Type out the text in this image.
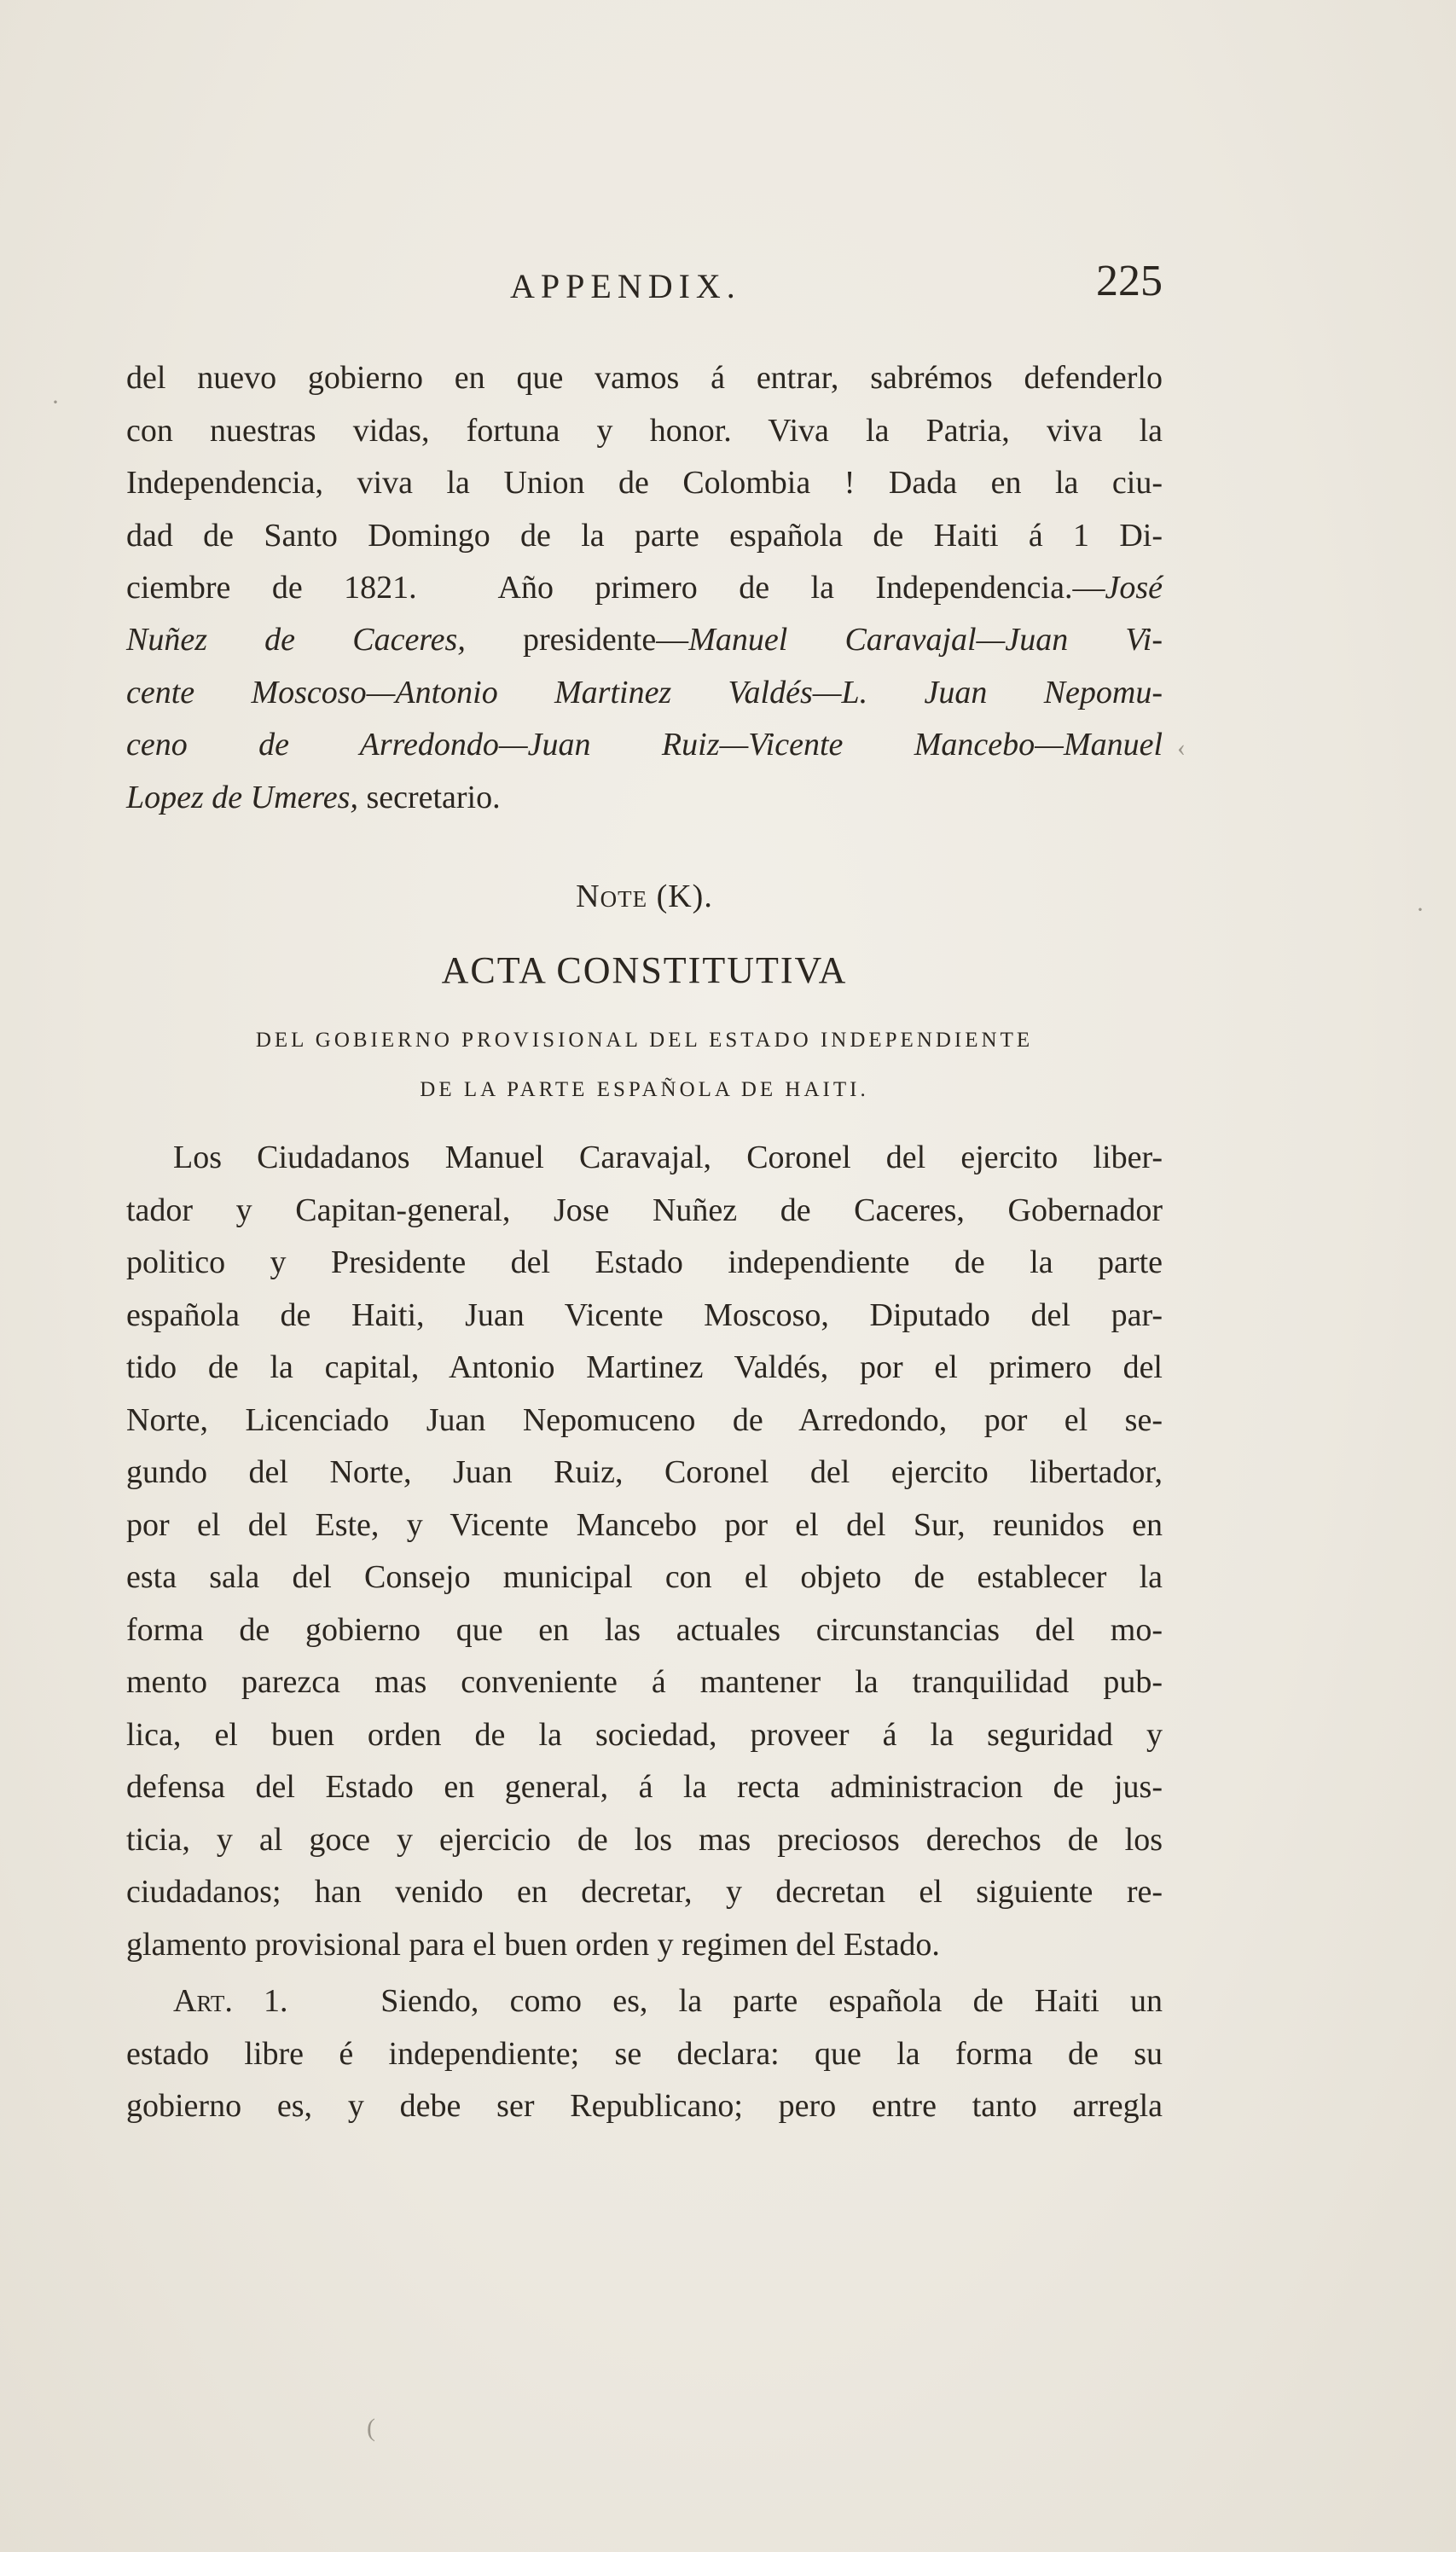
APPENDIX.	225
del nuevo gobierno en que vamos á entrar, sabrémos defenderlo
con nuestras vidas, fortuna y honor. Viva la Patria, viva la
Independencia, viva la Union de Colombia ! Dada en la ciu-
dad de Santo Domingo de la parte española de Haiti á 1 Di-
ciembre de 1821.  Año primero de la Independencia.—José
Nuñez de Caceres, presidente—Manuel Caravajal—Juan Vi-
cente Moscoso—Antonio Martinez Valdés—L. Juan Nepomu-
ceno de Arredondo—Juan Ruiz—Vicente Mancebo—Manuel
Lopez de Umeres, secretario.
Note (K).
ACTA CONSTITUTIVA
DEL GOBIERNO PROVISIONAL DEL ESTADO INDEPENDIENTE
DE LA PARTE ESPAÑOLA DE HAITI.
Los Ciudadanos Manuel Caravajal, Coronel del ejercito liber-
tador y Capitan-general, Jose Nuñez de Caceres, Gobernador
politico y Presidente del Estado independiente de la parte
española de Haiti, Juan Vicente Moscoso, Diputado del par-
tido de la capital, Antonio Martinez Valdés, por el primero del
Norte, Licenciado Juan Nepomuceno de Arredondo, por el se-
gundo del Norte, Juan Ruiz, Coronel del ejercito libertador,
por el del Este, y Vicente Mancebo por el del Sur, reunidos en
esta sala del Consejo municipal con el objeto de establecer la
forma de gobierno que en las actuales circunstancias del mo-
mento parezca mas conveniente á mantener la tranquilidad pub-
lica, el buen orden de la sociedad, proveer á la seguridad y
defensa del Estado en general, á la recta administracion de jus-
ticia, y al goce y ejercicio de los mas preciosos derechos de los
ciudadanos; han venido en decretar, y decretan el siguiente re-
glamento provisional para el buen orden y regimen del Estado.
Art. 1.	Siendo, como es, la parte española de Haiti un
estado libre é independiente; se declara: que la forma de su
gobierno es, y debe ser Republicano; pero entre tanto arregla
·
‹
·
(
